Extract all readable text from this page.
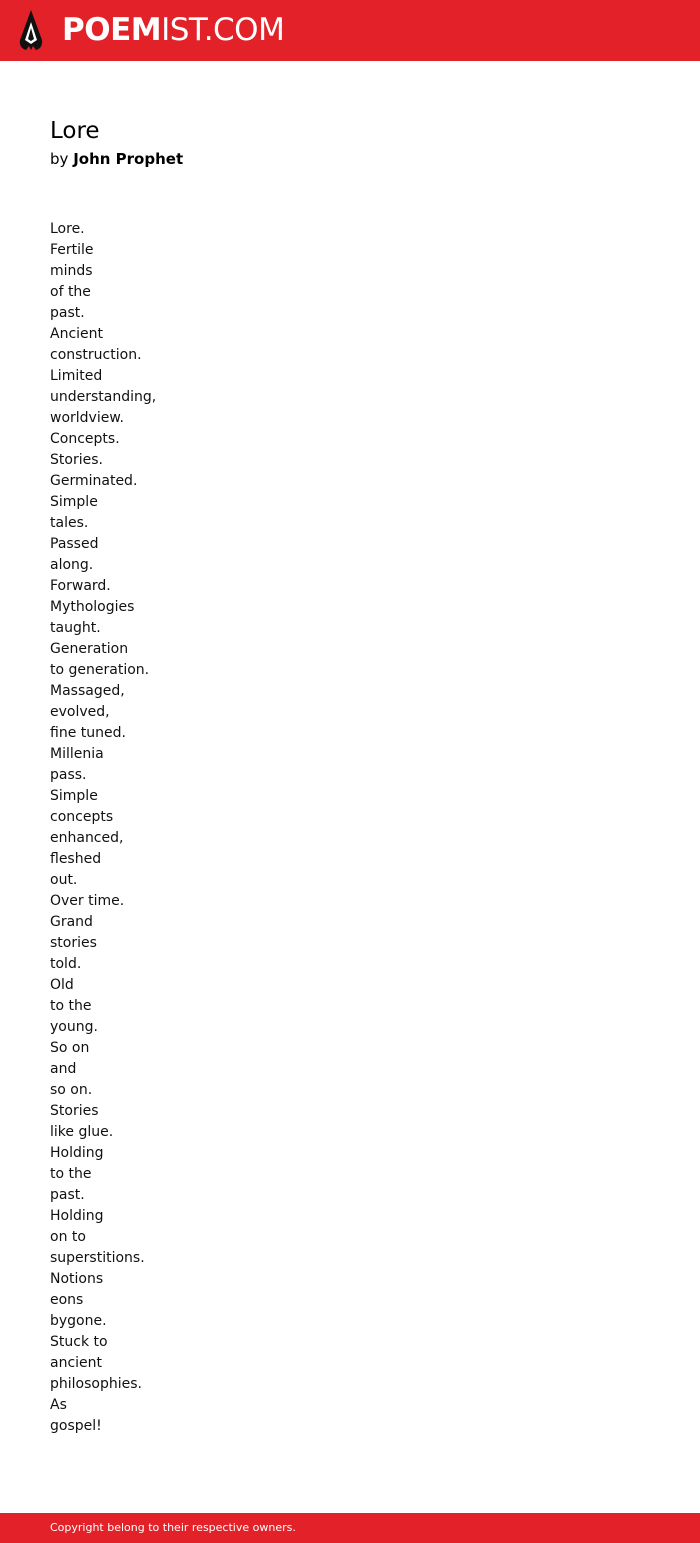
POEMIST.COM
Lore

by John Prophet

Lore.
Fertile
minds
of the
past.
Ancient
construction.
Limited
understanding,
worldview.
Concepts.
Stories.
Germinated.
Simple
tales.
Passed
along.
Forward.
Mythologies
taught.
Generation
to generation.
Massaged,
evolved,
fine tuned.
Millenia
pass.
Simple
concepts
enhanced,
fleshed
out.
Over time.
Grand
stories
told.
Old
to the
young.
So on
and
so on.
Stories
like glue.
Holding
to the
past.
Holding
on to
superstitions.
Notions
eons
bygone.
Stuck to
ancient
philosophies.
As
gospel!
Copyright belong to their respective owners.
